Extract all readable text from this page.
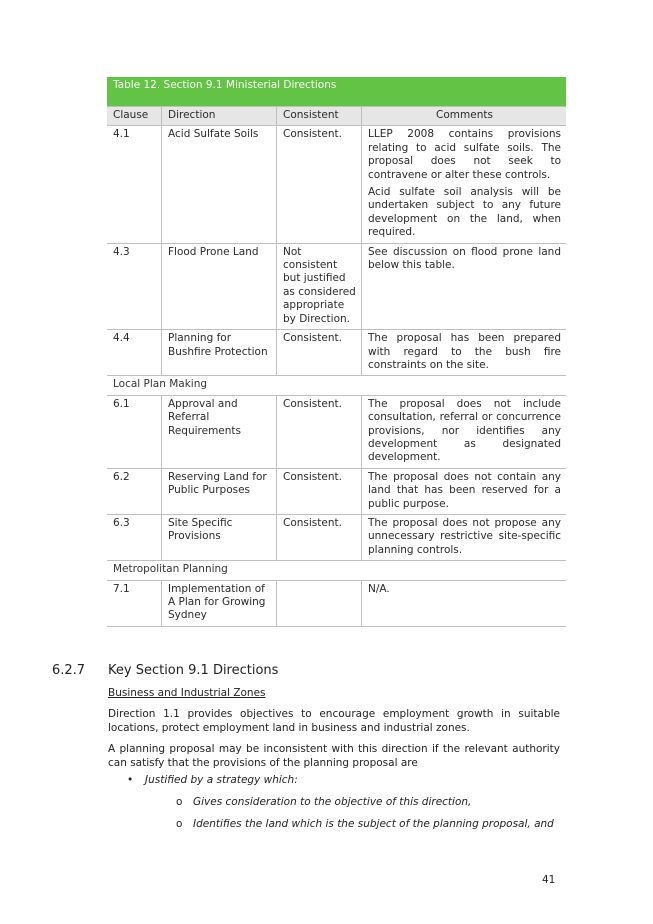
Table 12. Section 9.1 Ministerial Directions			
Clause	Direction	Consistent	Comments
4.1	Acid Sulfate Soils	Consistent.	LLEP 2008 contains provisions relating to acid sulfate soils. The proposal does not seek to contravene or alter these controls.

Acid sulfate soil analysis will be undertaken subject to any future development on the land, when required.

4.3	Flood Prone Land	Not consistent but justified as considered appropriate by Direction.	See discussion on flood prone land below this table.

4.4	Planning for Bushfire Protection	Consistent.	The proposal has been prepared with regard to the bush fire constraints on the site.

Local Plan Making			
6.1	Approval and Referral Requirements	Consistent.	The proposal does not include consultation, referral or concurrence provisions, nor identifies any development as designated development.

6.2	Reserving Land for Public Purposes	Consistent.	The proposal does not contain any land that has been reserved for a public purpose.

6.3	Site Specific Provisions	Consistent.	The proposal does not propose any unnecessary restrictive site-specific planning controls.

Metropolitan Planning			
7.1	Implementation of A Plan for Growing Sydney		N/A.

6.2.7 Key Section 9.1 Directions
Business and Industrial Zones

Direction 1.1 provides objectives to encourage employment growth in suitable locations, protect employment land in business and industrial zones.

A planning proposal may be inconsistent with this direction if the relevant authority can satisfy that the provisions of the planning proposal are

• Justified by a strategy which:
o Gives consideration to the objective of this direction,
o Identifies the land which is the subject of the planning proposal, and
41
